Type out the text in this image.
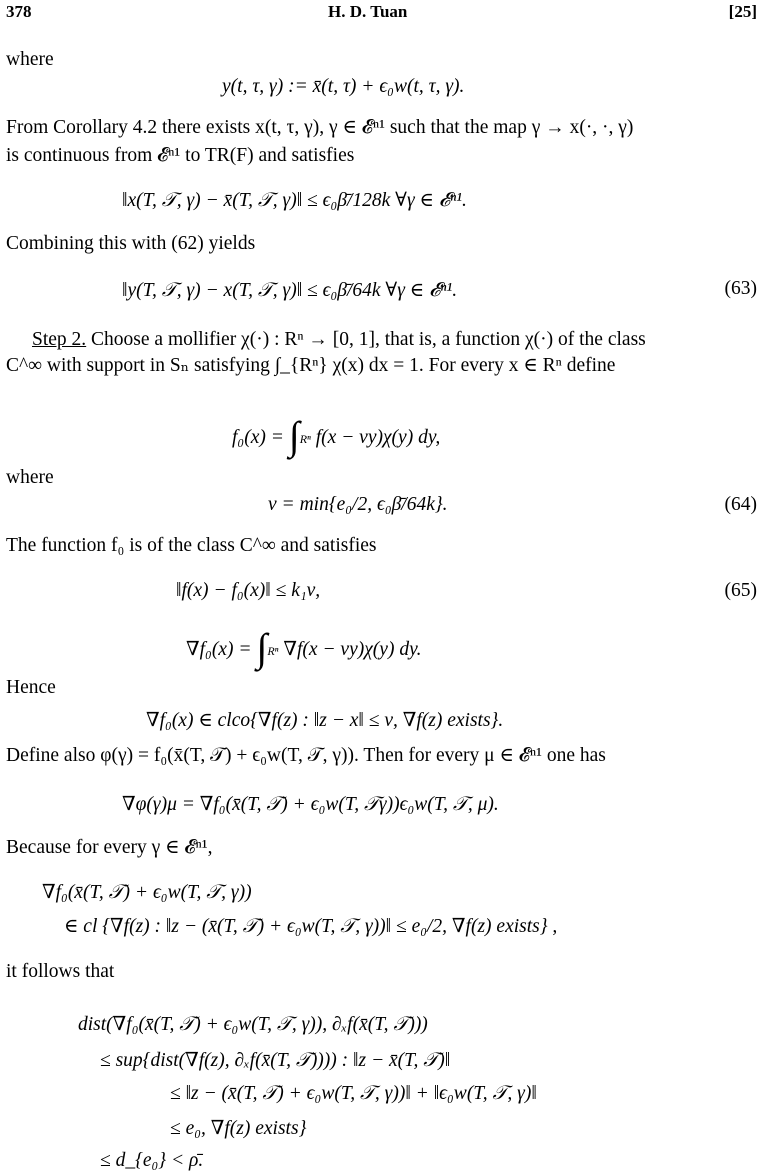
378	H. D. Tuan	[25]
where
y(t, τ, γ) := x̄(t, τ) + ϵ₀w(t, τ, γ).
From Corollary 4.2 there exists x(t, τ, γ), γ ∈ 𝓔ⁿ¹ such that the map γ → x(·, ·, γ)
is continuous from 𝓔ⁿ¹ to TR(F) and satisfies
‖x(T, 𝒯, γ) − x̄(T, 𝒯, γ)‖ ≤ ϵ₀β̄/128k ∀γ ∈ 𝓔ⁿ¹.
Combining this with (62) yields
‖y(T, 𝒯, γ) − x(T, 𝒯, γ)‖ ≤ ϵ₀β̄/64k ∀γ ∈ 𝓔ⁿ¹.	(63)
Step 2. Choose a mollifier χ(·) : Rⁿ → [0, 1], that is, a function χ(·) of the class
C^∞ with support in Sₙ satisfying ∫_{Rⁿ} χ(x) dx = 1. For every x ∈ Rⁿ define
f₀(x) = ∫Rⁿ f(x − νy)χ(y) dy,
where
ν = min{e₀/2, ϵ₀β̄/64k}.	(64)
The function f₀ is of the class C^∞ and satisfies
‖f(x) − f₀(x)‖ ≤ k₁ν,	(65)
∇f₀(x) = ∫Rⁿ ∇f(x − νy)χ(y) dy.
Hence
∇f₀(x) ∈ clco{∇f(z) : ‖z − x‖ ≤ ν, ∇f(z) exists}.
Define also φ(γ) = f₀(x̄(T, 𝒯) + ϵ₀w(T, 𝒯, γ)). Then for every μ ∈ 𝓔ⁿ¹ one has
∇φ(γ)μ = ∇f₀(x̄(T, 𝒯) + ϵ₀w(T, 𝒯γ))ϵ₀w(T, 𝒯, μ).
Because for every γ ∈ 𝓔ⁿ¹,
∇f₀(x̄(T, 𝒯) + ϵ₀w(T, 𝒯, γ))
∈ cl {∇f(z) : ‖z − (x̄(T, 𝒯) + ϵ₀w(T, 𝒯, γ))‖ ≤ e₀/2, ∇f(z) exists} ,
it follows that
dist(∇f₀(x̄(T, 𝒯) + ϵ₀w(T, 𝒯, γ)), ∂ₓf(x̄(T, 𝒯)))
≤ sup{dist(∇f(z), ∂ₓf(x̄(T, 𝒯)))) : ‖z − x̄(T, 𝒯)‖
≤ ‖z − (x̄(T, 𝒯) + ϵ₀w(T, 𝒯, γ))‖ + ‖ϵ₀w(T, 𝒯, γ)‖
≤ e₀, ∇f(z) exists}
≤ d_{e₀} < ρ̄.
